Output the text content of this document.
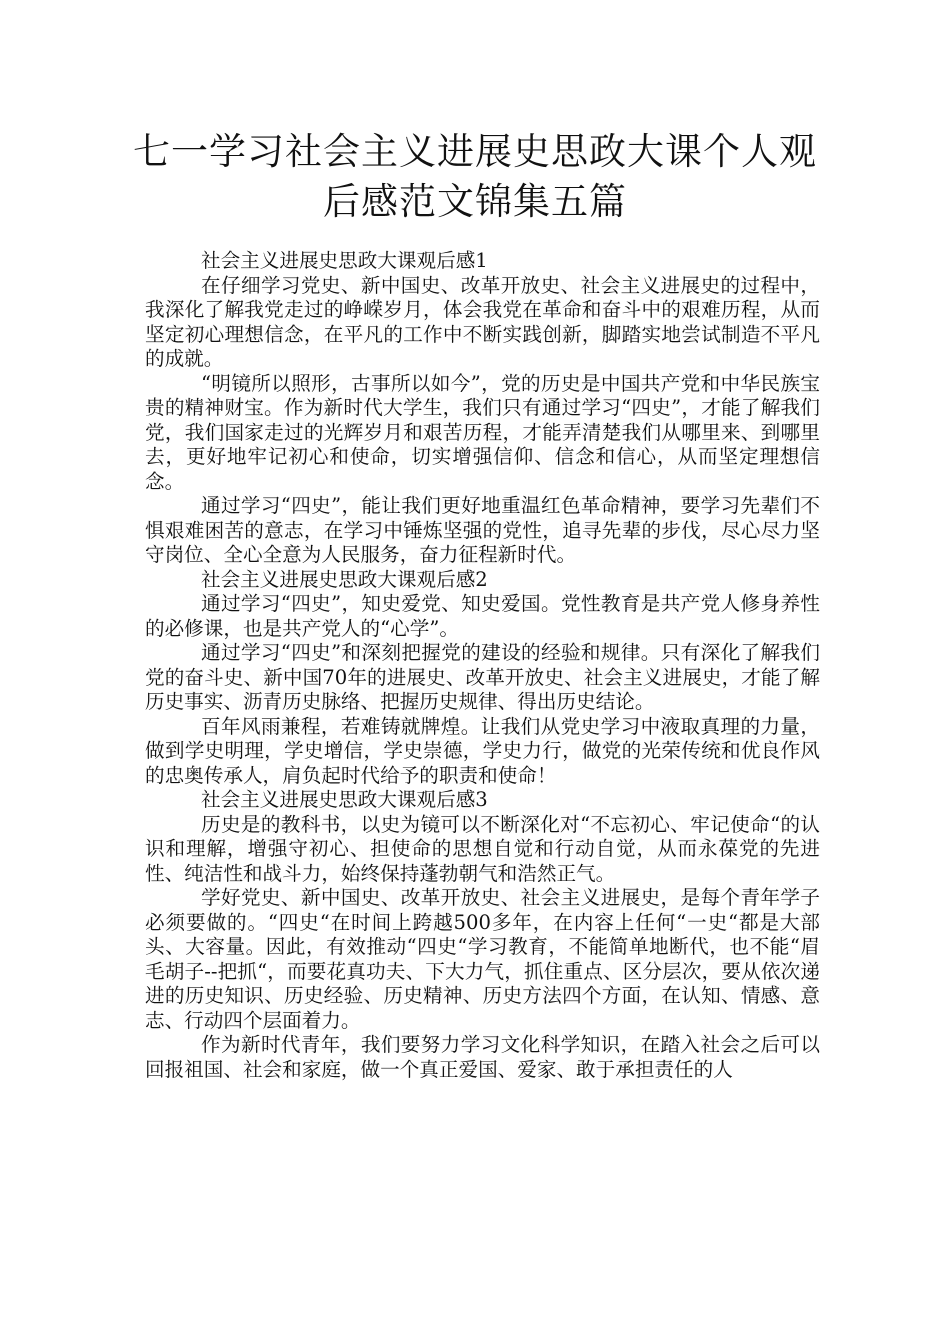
七一学习社会主义进展史思政大课个人观
后感范文锦集五篇

社会主义进展史思政大课观后感1

在仔细学习党史、新中国史、改革开放史、社会主义进展史的过程中，我深化了解我党走过的峥嵘岁月，体会我党在革命和奋斗中的艰难历程，从而坚定初心理想信念，在平凡的工作中不断实践创新，脚踏实地尝试制造不平凡的成就。

“明镜所以照形，古事所以如今”，党的历史是中国共产党和中华民族宝贵的精神财宝。作为新时代大学生，我们只有通过学习“四史”，才能了解我们党，我们国家走过的光辉岁月和艰苦历程，才能弄清楚我们从哪里来、到哪里去，更好地牢记初心和使命，切实增强信仰、信念和信心，从而坚定理想信念。

通过学习“四史”，能让我们更好地重温红色革命精神，要学习先辈们不惧艰难困苦的意志，在学习中锤炼坚强的党性，追寻先辈的步伐，尽心尽力坚守岗位、全心全意为人民服务，奋力征程新时代。

社会主义进展史思政大课观后感2

通过学习“四史”，知史爱党、知史爱国。党性教育是共产党人修身养性的必修课，也是共产党人的“心学”。

通过学习“四史”和深刻把握党的建设的经验和规律。只有深化了解我们党的奋斗史、新中国70年的进展史、改革开放史、社会主义进展史，才能了解历史事实、沥青历史脉络、把握历史规律、得出历史结论。

百年风雨兼程，若难铸就牌煌。让我们从党史学习中液取真理的力量，做到学史明理，学史增信，学史崇德，学史力行，做党的光荣传统和优良作风的忠奥传承人，肩负起时代给予的职责和使命！

社会主义进展史思政大课观后感3

历史是的教科书，以史为镜可以不断深化对“不忘初心、牢记使命“的认识和理解，增强守初心、担使命的思想自觉和行动自觉，从而永葆党的先进性、纯洁性和战斗力，始终保持蓬勃朝气和浩然正气。

学好党史、新中国史、改革开放史、社会主义进展史，是每个青年学子必须要做的。“四史“在时间上跨越500多年，在内容上任何“一史“都是大部头、大容量。因此，有效推动“四史“学习教育，不能简单地断代，也不能“眉毛胡子--把抓“，而要花真功夫、下大力气，抓住重点、区分层次，要从依次递进的历史知识、历史经验、历史精神、历史方法四个方面，在认知、情感、意志、行动四个层面着力。

作为新时代青年，我们要努力学习文化科学知识，在踏入社会之后可以回报祖国、社会和家庭，做一个真正爱国、爱家、敢于承担责任的人
